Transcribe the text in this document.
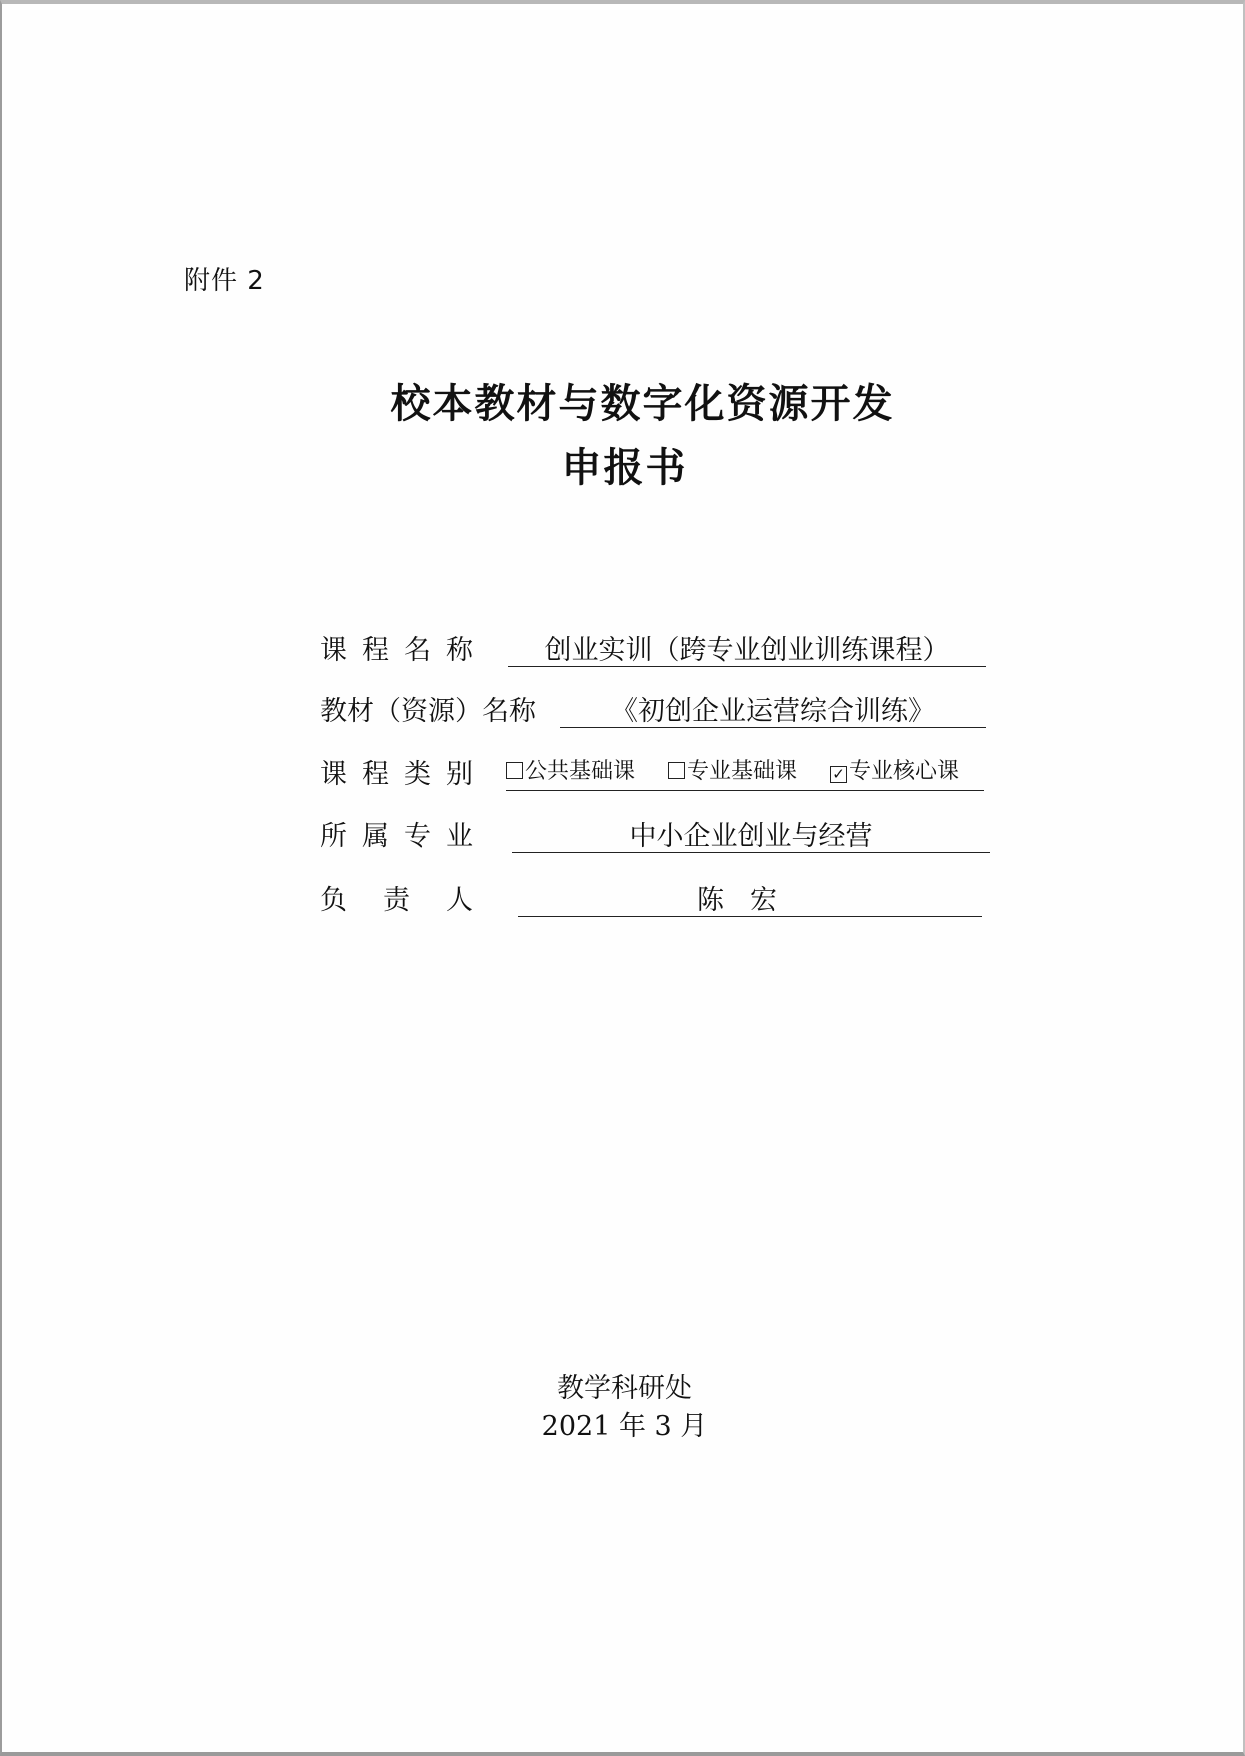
附件 2
校本教材与数字化资源开发
申报书
课程名称	创业实训（跨专业创业训练课程）
教材（资源）名称	《初创企业运营综合训练》
课程类别	公共基础课 专业基础课 ✓ 专业核心课
所属专业	中小企业创业与经营
负责人	陈宏
教学科研处
2021 年 3 月
